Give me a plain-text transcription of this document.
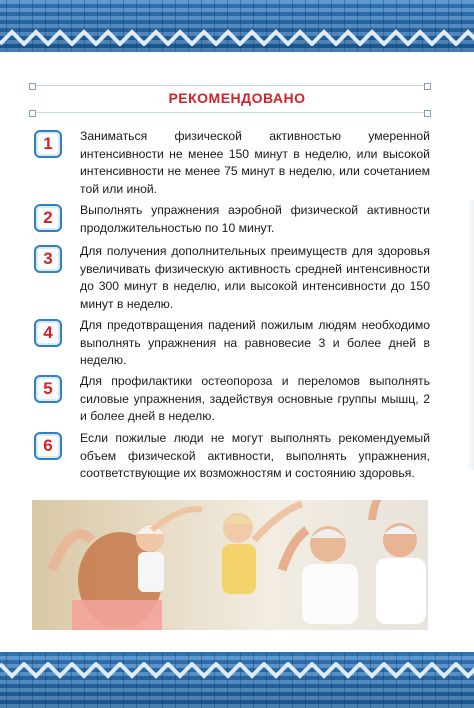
РЕКОМЕНДОВАНО
1	Заниматься физической активностью умеренной интенсивности не менее 150 минут в неделю, или высокой интенсивности не менее 75 минут в неделю, или сочетанием той или иной.
2	Выполнять упражнения аэробной физической активности продолжительностью по 10 минут.
3	Для получения дополнительных преимуществ для здоровья увеличивать физическую активность средней интенсивности до 300 минут в неделю, или высокой интенсивности до 150 минут в неделю.
4	Для предотвращения падений пожилым людям необходимо выполнять упражнения на равновесие 3 и более дней в неделю.
5	Для профилактики остеопороза и переломов выполнять силовые упражнения, задействуя основные группы мышц, 2 и более дней в неделю.
6	Если пожилые люди не могут выполнять рекомендуемый объем физической активности, выполнять упражнения, соответствующие их возможностям и состоянию здоровья.
